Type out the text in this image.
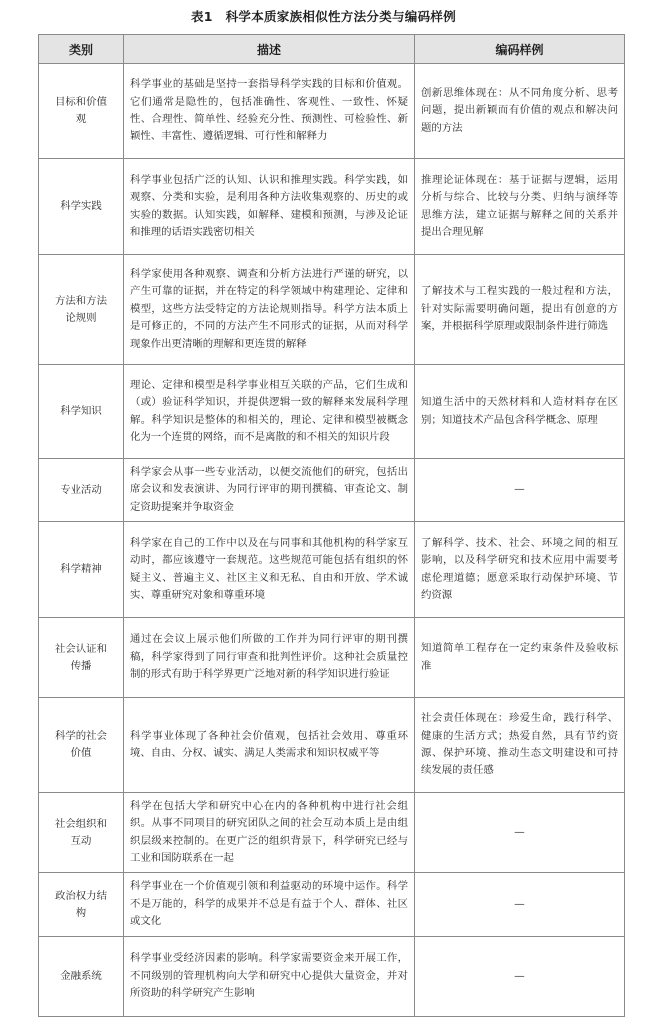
表1　科学本质家族相似性方法分类与编码样例
类别	描述	编码样例
目标和价值观	科学事业的基础是坚持一套指导科学实践的目标和价值观。它们通常是隐性的，包括准确性、客观性、一致性、怀疑性、合理性、简单性、经验充分性、预测性、可检验性、新颖性、丰富性、遵循逻辑、可行性和解释力	创新思维体现在：从不同角度分析、思考问题，提出新颖而有价值的观点和解决问题的方法
科学实践	科学事业包括广泛的认知、认识和推理实践。科学实践，如观察、分类和实验，是利用各种方法收集观察的、历史的或实验的数据。认知实践，如解释、建模和预测，与涉及论证和推理的话语实践密切相关	推理论证体现在：基于证据与逻辑，运用分析与综合、比较与分类、归纳与演绎等思维方法，建立证据与解释之间的关系并提出合理见解
方法和方法论规则	科学家使用各种观察、调查和分析方法进行严谨的研究，以产生可靠的证据，并在特定的科学领域中构建理论、定律和模型，这些方法受特定的方法论规则指导。科学方法本质上是可修正的，不同的方法产生不同形式的证据，从而对科学现象作出更清晰的理解和更连贯的解释	了解技术与工程实践的一般过程和方法，针对实际需要明确问题，提出有创意的方案，并根据科学原理或限制条件进行筛选
科学知识	理论、定律和模型是科学事业相互关联的产品，它们生成和（或）验证科学知识，并提供逻辑一致的解释来发展科学理解。科学知识是整体的和相关的，理论、定律和模型被概念化为一个连贯的网络，而不是离散的和不相关的知识片段	知道生活中的天然材料和人造材料存在区别；知道技术产品包含科学概念、原理
专业活动	科学家会从事一些专业活动，以便交流他们的研究，包括出席会议和发表演讲、为同行评审的期刊撰稿、审查论文、制定资助提案并争取资金	—
科学精神	科学家在自己的工作中以及在与同事和其他机构的科学家互动时，都应该遵守一套规范。这些规范可能包括有组织的怀疑主义、普遍主义、社区主义和无私、自由和开放、学术诚实、尊重研究对象和尊重环境	了解科学、技术、社会、环境之间的相互影响，以及科学研究和技术应用中需要考虑伦理道德；愿意采取行动保护环境、节约资源
社会认证和传播	通过在会议上展示他们所做的工作并为同行评审的期刊撰稿，科学家得到了同行审查和批判性评价。这种社会质量控制的形式有助于科学界更广泛地对新的科学知识进行验证	知道简单工程存在一定约束条件及验收标准
科学的社会价值	科学事业体现了各种社会价值观，包括社会效用、尊重环境、自由、分权、诚实、满足人类需求和知识权威平等	社会责任体现在：珍爱生命，践行科学、健康的生活方式；热爱自然，具有节约资源、保护环境、推动生态文明建设和可持续发展的责任感
社会组织和互动	科学在包括大学和研究中心在内的各种机构中进行社会组织。从事不同项目的研究团队之间的社会互动本质上是由组织层级来控制的。在更广泛的组织背景下，科学研究已经与工业和国防联系在一起	—
政治权力结构	科学事业在一个价值观引领和利益驱动的环境中运作。科学不是万能的，科学的成果并不总是有益于个人、群体、社区或文化	—
金融系统	科学事业受经济因素的影响。科学家需要资金来开展工作，不同级别的管理机构向大学和研究中心提供大量资金，并对所资助的科学研究产生影响	—
